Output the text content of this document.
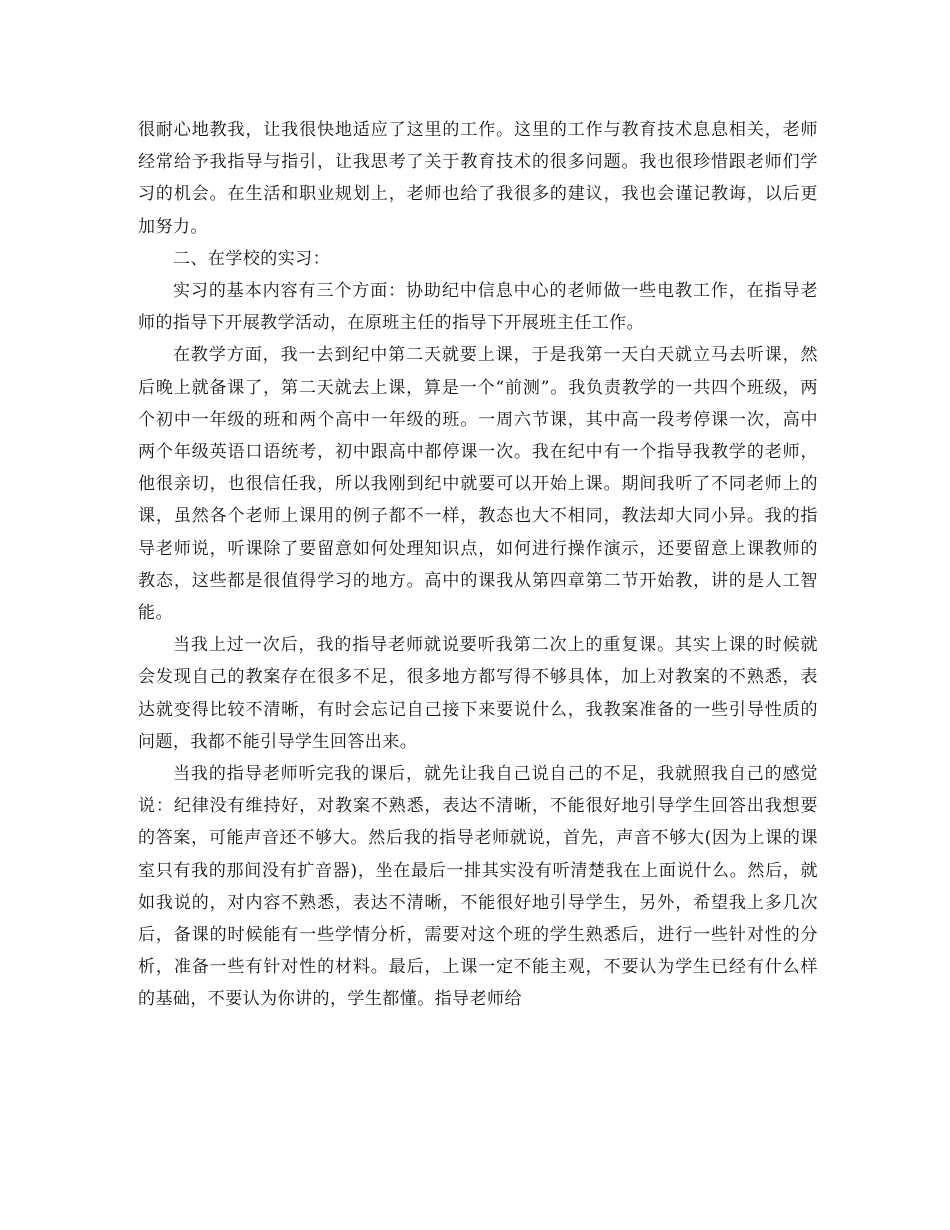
很耐心地教我，让我很快地适应了这里的工作。这里的工作与教育技术息息相关，老师经常给予我指导与指引，让我思考了关于教育技术的很多问题。我也很珍惜跟老师们学习的机会。在生活和职业规划上，老师也给了我很多的建议，我也会谨记教诲，以后更加努力。

二、在学校的实习：

实习的基本内容有三个方面：协助纪中信息中心的老师做一些电教工作，在指导老师的指导下开展教学活动，在原班主任的指导下开展班主任工作。

在教学方面，我一去到纪中第二天就要上课，于是我第一天白天就立马去听课，然后晚上就备课了，第二天就去上课，算是一个“前测”。我负责教学的一共四个班级，两个初中一年级的班和两个高中一年级的班。一周六节课，其中高一段考停课一次，高中两个年级英语口语统考，初中跟高中都停课一次。我在纪中有一个指导我教学的老师，他很亲切，也很信任我，所以我刚到纪中就要可以开始上课。期间我听了不同老师上的课，虽然各个老师上课用的例子都不一样，教态也大不相同，教法却大同小异。我的指导老师说，听课除了要留意如何处理知识点，如何进行操作演示，还要留意上课教师的教态，这些都是很值得学习的地方。高中的课我从第四章第二节开始教，讲的是人工智能。

当我上过一次后，我的指导老师就说要听我第二次上的重复课。其实上课的时候就会发现自己的教案存在很多不足，很多地方都写得不够具体，加上对教案的不熟悉，表达就变得比较不清晰，有时会忘记自己接下来要说什么，我教案准备的一些引导性质的问题，我都不能引导学生回答出来。

当我的指导老师听完我的课后，就先让我自己说自己的不足，我就照我自己的感觉说：纪律没有维持好，对教案不熟悉，表达不清晰，不能很好地引导学生回答出我想要的答案，可能声音还不够大。然后我的指导老师就说，首先，声音不够大(因为上课的课室只有我的那间没有扩音器)，坐在最后一排其实没有听清楚我在上面说什么。然后，就如我说的，对内容不熟悉，表达不清晰，不能很好地引导学生，另外，希望我上多几次后，备课的时候能有一些学情分析，需要对这个班的学生熟悉后，进行一些针对性的分析，准备一些有针对性的材料。最后，上课一定不能主观，不要认为学生已经有什么样的基础，不要认为你讲的，学生都懂。指导老师给
